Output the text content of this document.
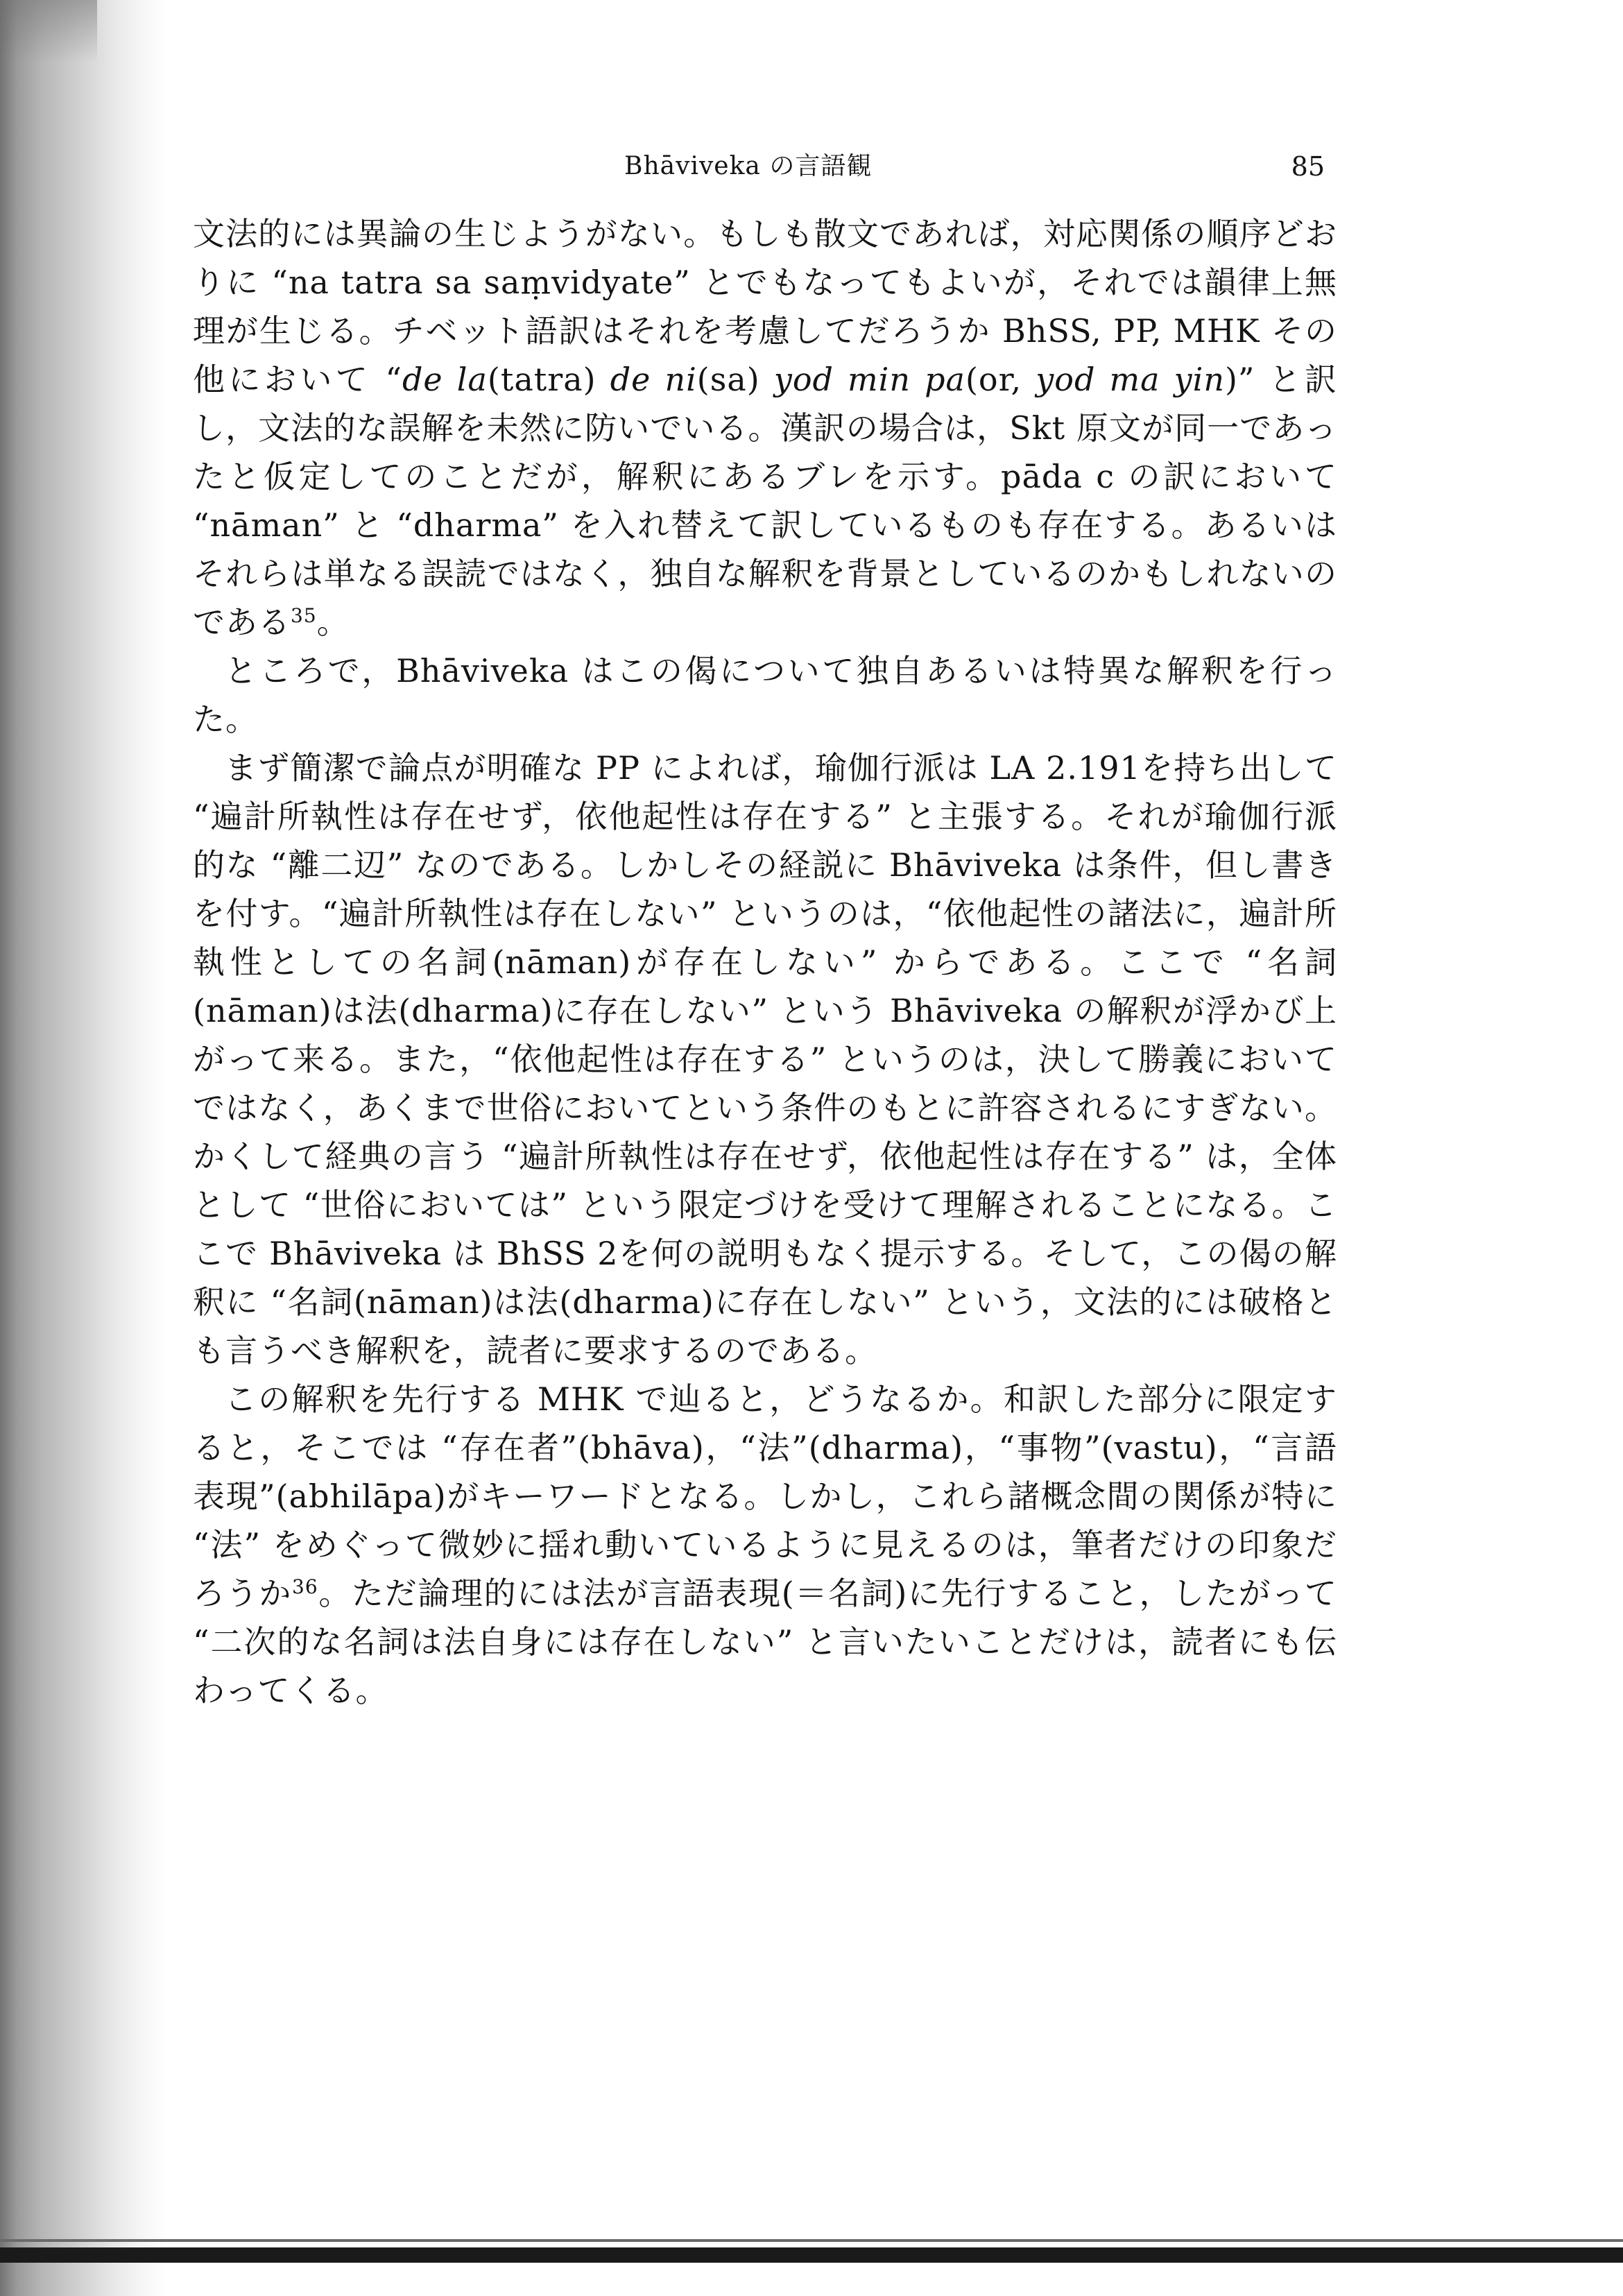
Bhāviveka の言語観	85

文法的には異論の生じようがない。もしも散文であれば，対応関係の順序どおりに “na tatra sa saṃvidyate” とでもなってもよいが，それでは韻律上無理が生じる。チベット語訳はそれを考慮してだろうか BhSS, PP, MHK その他において “de la(tatra) de ni(sa) yod min pa(or, yod ma yin)” と訳し，文法的な誤解を未然に防いでいる。漢訳の場合は，Skt 原文が同一であったと仮定してのことだが，解釈にあるブレを示す。pāda c の訳において “nāman” と “dharma” を入れ替えて訳しているものも存在する。あるいはそれらは単なる誤読ではなく，独自な解釈を背景としているのかもしれないのである$^{35}$。

ところで，Bhāviveka はこの偈について独自あるいは特異な解釈を行った。

まず簡潔で論点が明確な PP によれば，瑜伽行派は LA 2.191を持ち出して “遍計所執性は存在せず，依他起性は存在する” と主張する。それが瑜伽行派的な “離二辺” なのである。しかしその経説に Bhāviveka は条件，但し書きを付す。“遍計所執性は存在しない” というのは，“依他起性の諸法に，遍計所執性としての名詞(nāman)が存在しない” からである。ここで “名詞(nāman)は法(dharma)に存在しない” という Bhāviveka の解釈が浮かび上がって来る。また，“依他起性は存在する” というのは，決して勝義においてではなく，あくまで世俗においてという条件のもとに許容されるにすぎない。かくして経典の言う “遍計所執性は存在せず，依他起性は存在する” は，全体として “世俗においては” という限定づけを受けて理解されることになる。ここで Bhāviveka は BhSS 2を何の説明もなく提示する。そして，この偈の解釈に “名詞(nāman)は法(dharma)に存在しない” という，文法的には破格とも言うべき解釈を，読者に要求するのである。

この解釈を先行する MHK で辿ると，どうなるか。和訳した部分に限定すると，そこでは “存在者”(bhāva)，“法”(dharma)，“事物”(vastu)，“言語表現”(abhilāpa)がキーワードとなる。しかし，これら諸概念間の関係が特に “法” をめぐって微妙に揺れ動いているように見えるのは，筆者だけの印象だろうか$^{36}$。ただ論理的には法が言語表現(＝名詞)に先行すること，したがって “二次的な名詞は法自身には存在しない” と言いたいことだけは，読者にも伝わってくる。
